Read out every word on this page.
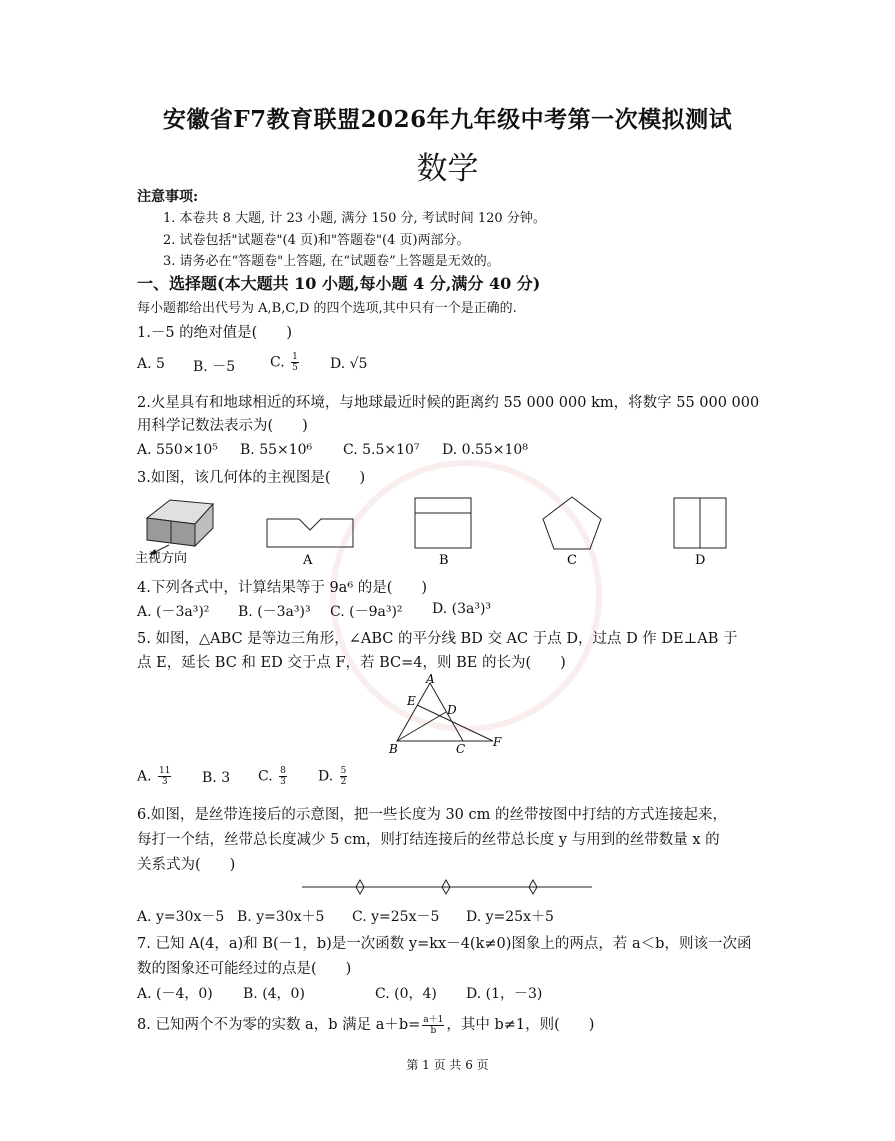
安徽省F7教育联盟2026年九年级中考第一次模拟测试
数学
注意事项:
1. 本卷共 8 大题, 计 23 小题, 满分 150 分, 考试时间 120 分钟。
2. 试卷包括"试题卷"(4 页)和"答题卷"(4 页)两部分。
3. 请务必在“答题卷"上答题, 在“试题卷”上答题是无效的。
一、选择题(本大题共 10 小题,每小题 4 分,满分 40 分)
每小题都给出代号为 A,B,C,D 的四个选项,其中只有一个是正确的.
1.－5 的绝对值是(　　)
A. 5 B. －5 C. $\frac{1}{5} D$. √5
2.火星具有和地球相近的环境，与地球最近时候的距离约 55 000 000 km，将数字 55 000 000
用科学记数法表示为(　　)
A. 550×10⁵ B. 55×10⁶ C. 5.5×10⁷ D. 0.55×10⁸
3.如图，该几何体的主视图是(　　)
主视方向	A	B	C	D
4.下列各式中，计算结果等于 9a⁶ 的是(　　)
A. (－3a³)² B. (－3a³)³ C. (－9a³)² D. (3a³)³
5. 如图，△ABC 是等边三角形，∠ABC 的平分线 BD 交 AC 于点 D，过点 D 作 DE⊥AB 于
点 E，延长 BC 和 ED 交于点 F，若 BC=4，则 BE 的长为(　　)
A
B	C
D
E
F
A. $\frac{11}{3} B$. 3 C. $\frac{8}{3} D$. $\frac{5}{2}$
6.如图，是丝带连接后的示意图，把一些长度为 30 cm 的丝带按图中打结的方式连接起来，
每打一个结，丝带总长度减少 5 cm，则打结连接后的丝带总长度 y 与用到的丝带数量 x 的
关系式为(　　)
A. y=30x－5 B. y=30x＋5 C. y=25x－5 D. y=25x＋5
7. 已知 A(4，a)和 B(－1，b)是一次函数 y=kx－4(k≠0)图象上的两点，若 a＜b，则该一次函
数的图象还可能经过的点是(　　)
A. (－4，0) B. (4，0)	C. (0，4) D. (1，－3)
8. 已知两个不为零的实数 a，b 满足 $a+b= \frac{a+1}{b}$ ，其中 b≠1，则(　　)
第 1 页 共 6 页
